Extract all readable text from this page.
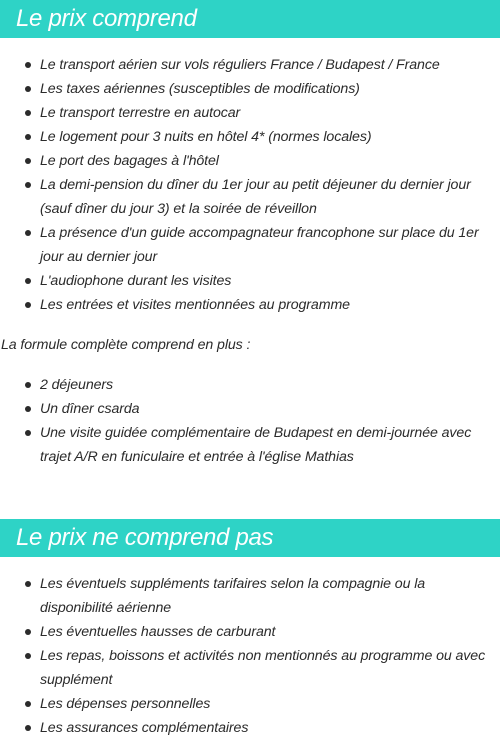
Le prix comprend
Le transport aérien sur vols réguliers France / Budapest / France
Les taxes aériennes (susceptibles de modifications)
Le transport terrestre en autocar
Le logement pour 3 nuits en hôtel 4* (normes locales)
Le port des bagages à l'hôtel
La demi-pension du dîner du 1er jour au petit déjeuner du dernier jour (sauf dîner du jour 3) et la soirée de réveillon
La présence d'un guide accompagnateur francophone sur place du 1er jour au dernier jour
L'audiophone durant les visites
Les entrées et visites mentionnées au programme

La formule complète comprend en plus :

2 déjeuners
Un dîner csarda
Une visite guidée complémentaire de Budapest en demi-journée avec trajet A/R en funiculaire et entrée à l'église Mathias
Le prix ne comprend pas
Les éventuels suppléments tarifaires selon la compagnie ou la disponibilité aérienne
Les éventuelles hausses de carburant
Les repas, boissons et activités non mentionnés au programme ou avec supplément
Les dépenses personnelles
Les assurances complémentaires
